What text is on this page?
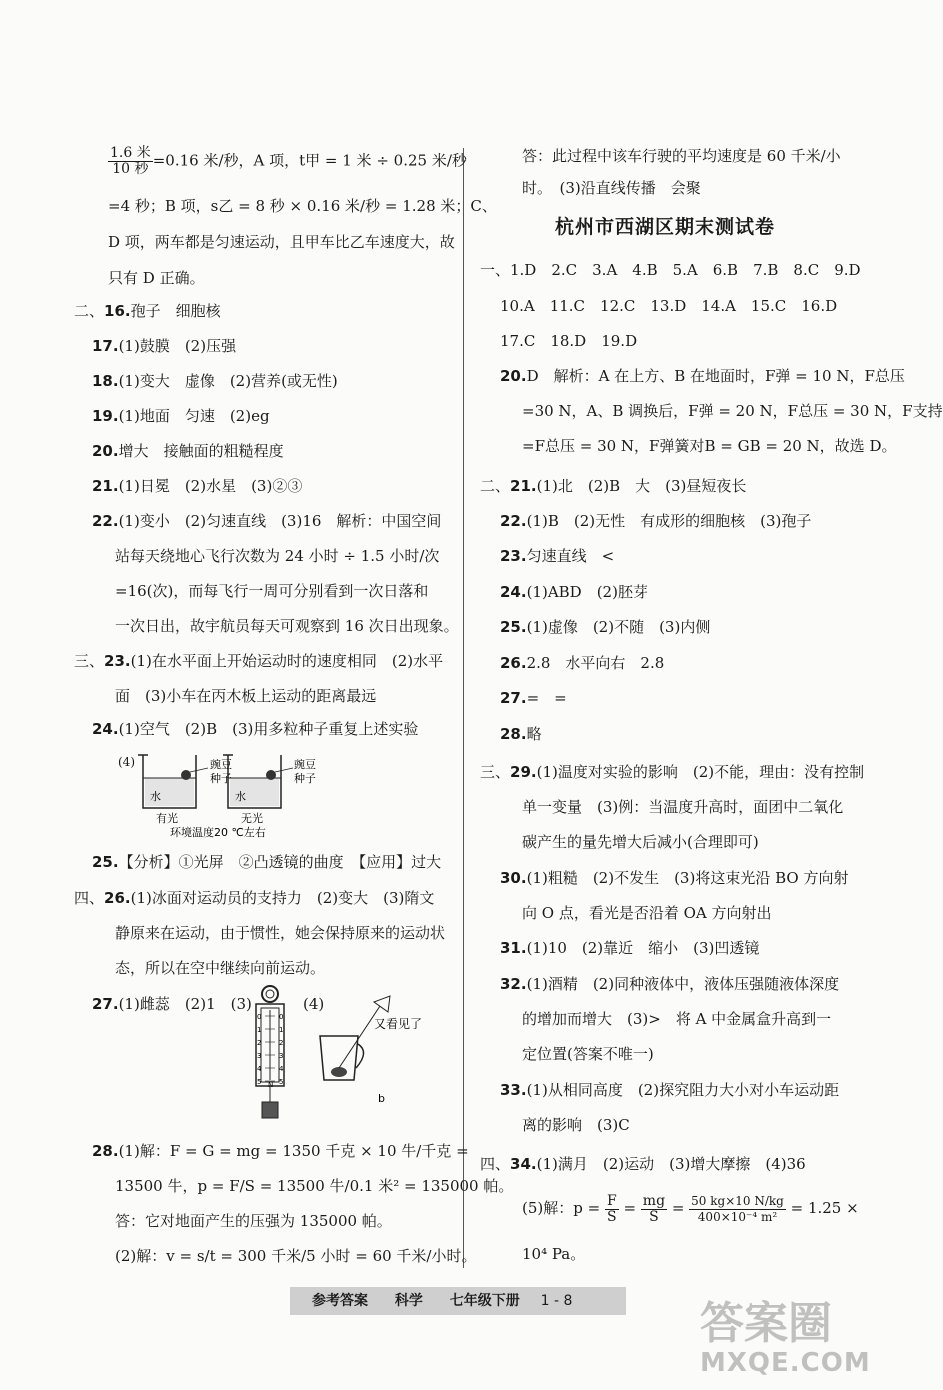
$\frac{\text{1.6 米}}{\text{10 秒}} =0.16$ 米/秒，A 项，t甲 = 1 米 ÷ 0.25 米/秒
=4 秒；B 项，s乙 = 8 秒 × 0.16 米/秒 = 1.28 米；C、
D 项，两车都是匀速运动，且甲车比乙车速度大，故
只有 D 正确。
二、16.孢子　细胞核
17.(1)鼓膜　(2)压强
18.(1)变大　虚像　(2)营养(或无性)
19.(1)地面　匀速　(2)eg
20.增大　接触面的粗糙程度
21.(1)日冕　(2)水星　(3)②③
22.(1)变小　(2)匀速直线　(3)16　解析：中国空间
站每天绕地心飞行次数为 24 小时 ÷ 1.5 小时/次
=16(次)，而每飞行一周可分别看到一次日落和
一次日出，故宇航员每天可观察到 16 次日出现象。
三、23.(1)在水平面上开始运动时的速度相同　(2)水平
面　(3)小车在丙木板上运动的距离最远
24.(1)空气　(2)B　(3)用多粒种子重复上述实验
(4)
水	水
豌豆
种子
豌豆
种子
有光	无光
环境温度20 ℃左右
25.【分析】①光屏　②凸透镜的曲度　【应用】过大
四、26.(1)冰面对运动员的支持力　(2)变大　(3)隋文
静原来在运动，由于惯性，她会保持原来的运动状
态，所以在空中继续向前运动。
27.(1)雌蕊　(2)1　(3)	(4)
N
0	0
1	1
2	2
3	3
4	4
5	5
又看见了
b
28.(1)解：F = G = mg = 1350 千克 × 10 牛/千克 =
13500 牛，p = F/S = 13500 牛/0.1 米² = 135000 帕。
答：它对地面产生的压强为 135000 帕。
(2)解：v = s/t = 300 千米/5 小时 = 60 千米/小时。
答：此过程中该车行驶的平均速度是 60 千米/小
时。　(3)沿直线传播　会聚
杭州市西湖区期末测试卷
一、1.D　2.C　3.A　4.B　5.A　6.B　7.B　8.C　9.D
10.A　11.C　12.C　13.D　14.A　15.C　16.D
17.C　18.D　19.D
20.D　解析：A 在上方、B 在地面时，F弹 = 10 N，F总压
=30 N，A、B 调换后，F弹 = 20 N，F总压 = 30 N，F支持
=F总压 = 30 N，F弹簧对B = GB = 20 N，故选 D。
二、21.(1)北　(2)B　大　(3)昼短夜长
22.(1)B　(2)无性　有成形的细胞核　(3)孢子
23.匀速直线　<
24.(1)ABD　(2)胚芽
25.(1)虚像　(2)不随　(3)内侧
26.2.8　水平向右　2.8
27.=　=
28.略
三、29.(1)温度对实验的影响　(2)不能，理由：没有控制
单一变量　(3)例：当温度升高时，面团中二氧化
碳产生的量先增大后减小(合理即可)
30.(1)粗糙　(2)不发生　(3)将这束光沿 BO 方向射
向 O 点，看光是否沿着 OA 方向射出
31.(1)10　(2)靠近　缩小　(3)凹透镜
32.(1)酒精　(2)同种液体中，液体压强随液体深度
的增加而增大　(3)>　将 A 中金属盒升高到一
定位置(答案不唯一)
33.(1)从相同高度　(2)探究阻力大小对小车运动距
离的影响　(3)C
四、34.(1)满月　(2)运动　(3)增大摩擦　(4)36
(5)解：$p = \frac{F}{S} = \frac{mg}{S} = \frac{50 kg\times 10 N/kg}{\text{400×10⁻⁴ m²}} = 1.25$ ×
10⁴ Pa。
参考答案 科学 七年级下册 1 - 8	答案圈
MXQE.COM
